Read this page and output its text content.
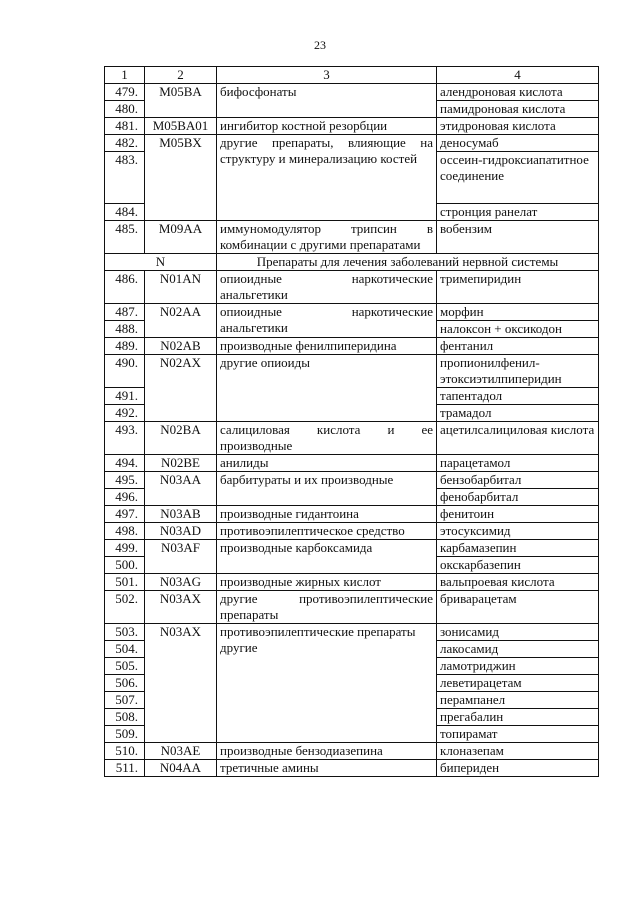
23
1	2	3	4
479.	M05BA	бифосфонаты	алендроновая кислота
480.			памидроновая кислота
481.	M05BA01	ингибитор костной резорбции	этидроновая кислота
482.	M05BX	другие препараты, влияющие на структуру и минерализацию костей	деносумаб
483.			оссеин-гидроксиапатитное соединение
484.			стронция ранелат
485.	M09AA	иммуномодулятор трипсин в комбинации с другими препаратами	вобензим
N		Препараты для лечения заболеваний нервной системы	
486.	N01AN	опиоидные наркотические анальгетики	тримепиридин
487.	N02AA	опиоидные наркотические анальгетики	морфин
488.			налоксон + оксикодон
489.	N02AB	производные фенилпиперидина	фентанил
490.	N02AX	другие опиоиды	пропионилфенил-этоксиэтилпиперидин
491.			тапентадол
492.			трамадол
493.	N02BA	салициловая кислота и ее производные	ацетилсалициловая кислота
494.	N02BE	анилиды	парацетамол
495.	N03AA	барбитураты и их производные	бензобарбитал
496.			фенобарбитал
497.	N03AB	производные гидантоина	фенитоин
498.	N03AD	противоэпилептическое средство	этосуксимид
499.	N03AF	производные карбоксамида	карбамазепин
500.			окскарбазепин
501.	N03AG	производные жирных кислот	вальпроевая кислота
502.	N03AX	другие противоэпилептические препараты	бриварацетам
503.	N03AX	противоэпилептические препараты другие	зонисамид
504.			лакосамид
505.			ламотриджин
506.			леветирацетам
507.			перампанел
508.			прегабалин
509.			топирамат
510.	N03AE	производные бензодиазепина	клоназепам
511.	N04AA	третичные амины	бипериден
